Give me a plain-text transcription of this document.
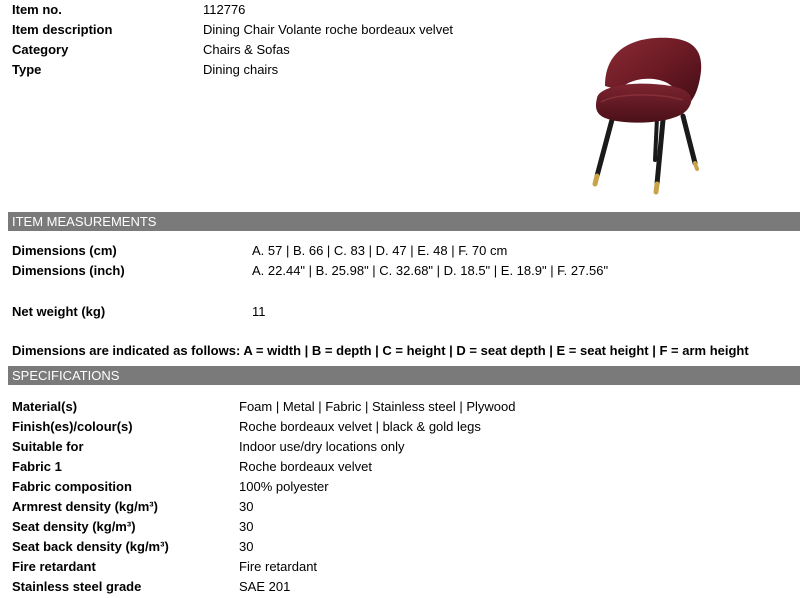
Item no.	112776
Item description	Dining Chair Volante roche bordeaux velvet
Category	Chairs & Sofas
Type	Dining chairs
ITEM MEASUREMENTS
Dimensions (cm)	A. 57 | B. 66 | C. 83 | D. 47 | E. 48 | F. 70 cm
Dimensions (inch)	A. 22.44" | B. 25.98" | C. 32.68" | D. 18.5" | E. 18.9" | F. 27.56"
Net weight (kg)	11
Dimensions are indicated as follows: A = width | B = depth | C = height | D = seat depth | E = seat height | F = arm height
SPECIFICATIONS
Material(s)	Foam | Metal | Fabric | Stainless steel | Plywood
Finish(es)/colour(s)	Roche bordeaux velvet | black & gold legs
Suitable for	Indoor use/dry locations only
Fabric 1	Roche bordeaux velvet
Fabric composition	100% polyester
Armrest density (kg/m³)	30
Seat density (kg/m³)	30
Seat back density (kg/m³)	30
Fire retardant	Fire retardant
Stainless steel grade	SAE 201
